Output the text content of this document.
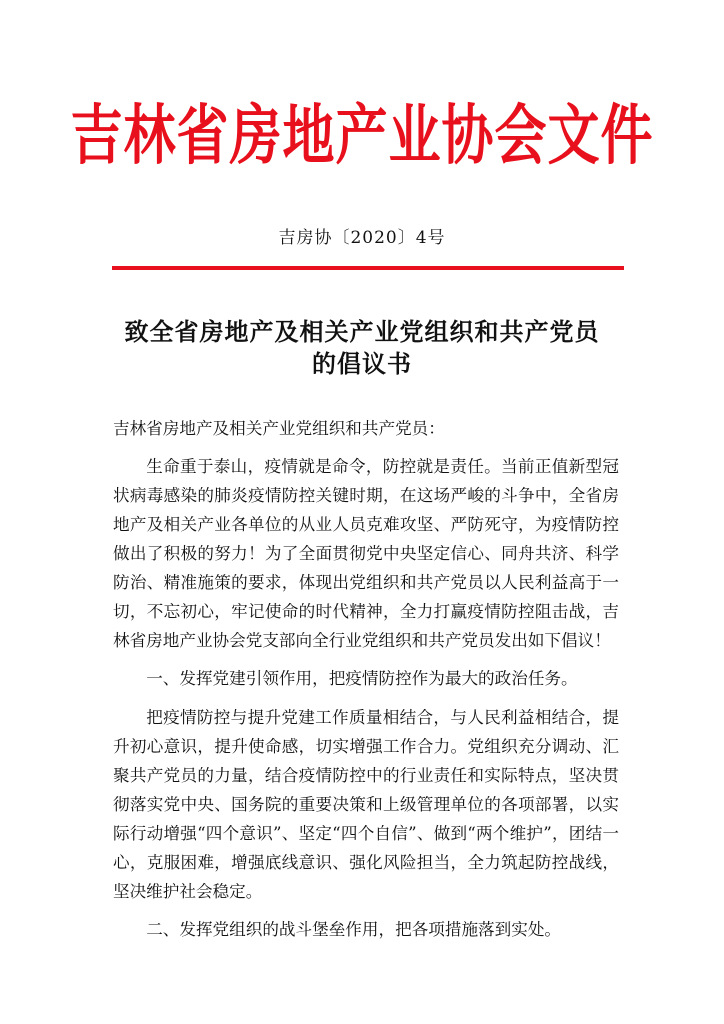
吉林省房地产业协会文件
吉房协〔2020〕4号
致全省房地产及相关产业党组织和共产党员
的倡议书

吉林省房地产及相关产业党组织和共产党员：

生命重于泰山，疫情就是命令，防控就是责任。当前正值新型冠状病毒感染的肺炎疫情防控关键时期，在这场严峻的斗争中，全省房地产及相关产业各单位的从业人员克难攻坚、严防死守，为疫情防控做出了积极的努力！为了全面贯彻党中央坚定信心、同舟共济、科学防治、精准施策的要求，体现出党组织和共产党员以人民利益高于一切，不忘初心，牢记使命的时代精神，全力打赢疫情防控阻击战，吉林省房地产业协会党支部向全行业党组织和共产党员发出如下倡议！

一、发挥党建引领作用，把疫情防控作为最大的政治任务。

把疫情防控与提升党建工作质量相结合，与人民利益相结合，提升初心意识，提升使命感，切实增强工作合力。党组织充分调动、汇聚共产党员的力量，结合疫情防控中的行业责任和实际特点，坚决贯彻落实党中央、国务院的重要决策和上级管理单位的各项部署，以实际行动增强“四个意识”、坚定“四个自信”、做到“两个维护”，团结一心，克服困难，增强底线意识、强化风险担当，全力筑起防控战线，坚决维护社会稳定。

二、发挥党组织的战斗堡垒作用，把各项措施落到实处。
